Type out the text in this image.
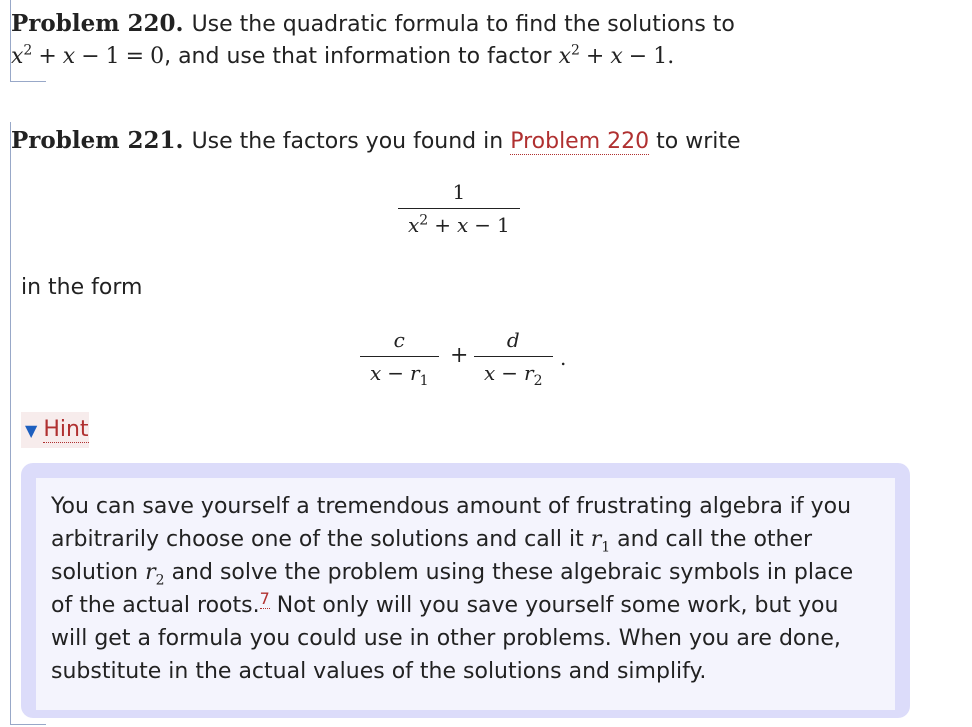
Problem 220. Use the quadratic formula to find the solutions to
$x^2 + x - 1 = 0$, and use that information to factor $x^2 + x - 1$.
Problem 221. Use the factors you found in Problem 220 to write
$\frac{1}{x^2 + x - 1}$
in the form
$\frac{c}{x - r_1} + \frac{d}{x - r_2}$ .
▼ Hint
You can save yourself a tremendous amount of frustrating algebra if you arbitrarily choose one of the solutions and call it $r_1$ and call the other solution $r_2$ and solve the problem using these algebraic symbols in place of the actual roots.$^7$ Not only will you save yourself some work, but you will get a formula you could use in other problems. When you are done, substitute in the actual values of the solutions and simplify.
